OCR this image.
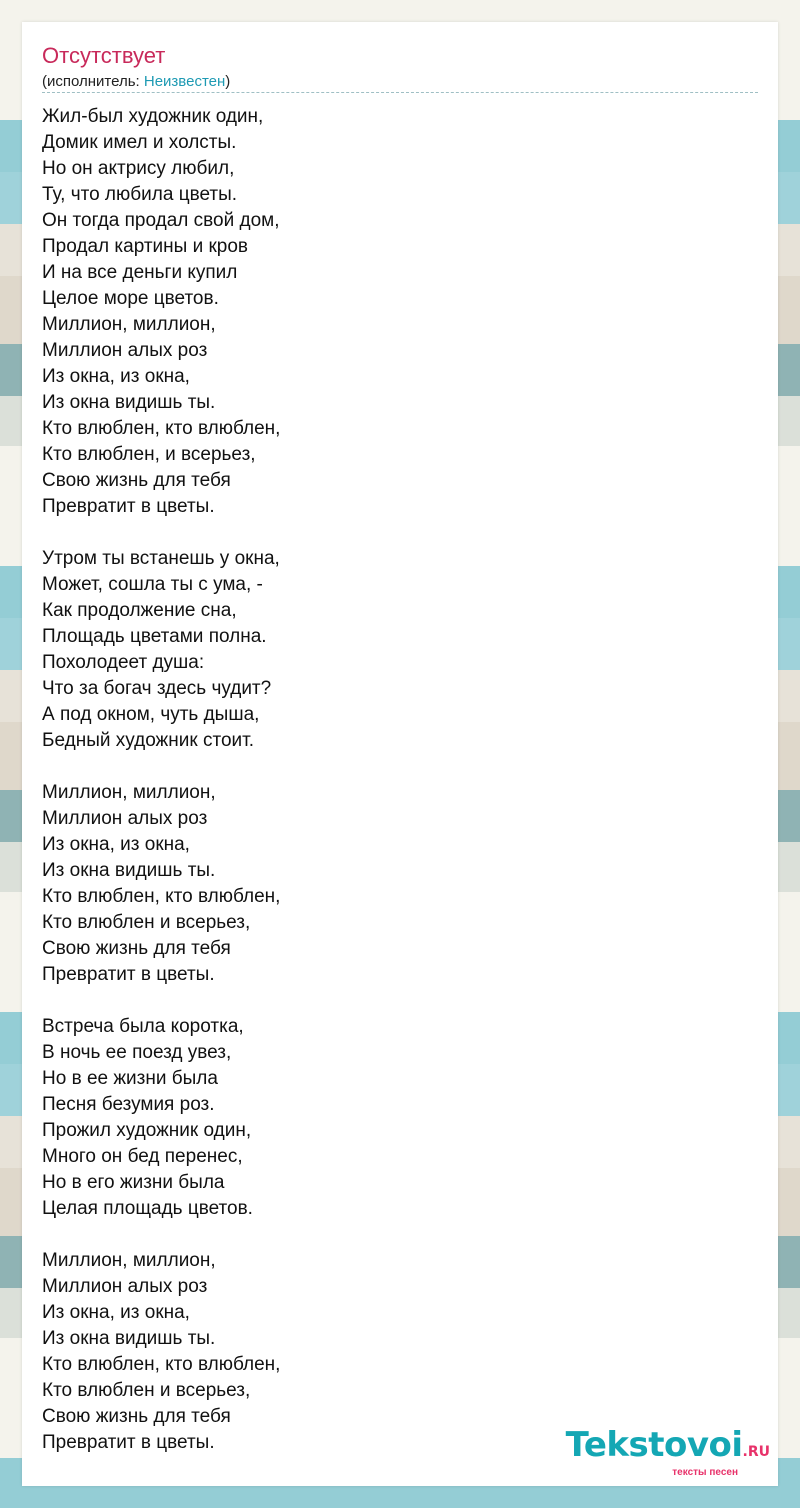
Отсутствует
(исполнитель: Неизвестен)
Жил-был художник один,
Домик имел и холсты.
Но он актрису любил,
Ту, что любила цветы.
Он тогда продал свой дом,
Продал картины и кров
И на все деньги купил
Целое море цветов.
Миллион, миллион,
Миллион алых роз
Из окна, из окна,
Из окна видишь ты.
Кто влюблен, кто влюблен,
Кто влюблен, и всерьез,
Свою жизнь для тебя
Превратит в цветы.
Утром ты встанешь у окна,
Может, сошла ты с ума, -
Как продолжение сна,
Площадь цветами полна.
Похолодеет душа:
Что за богач здесь чудит?
А под окном, чуть дыша,
Бедный художник стоит.
Миллион, миллион,
Миллион алых роз
Из окна, из окна,
Из окна видишь ты.
Кто влюблен, кто влюблен,
Кто влюблен и всерьез,
Свою жизнь для тебя
Превратит в цветы.
Встреча была коротка,
В ночь ее поезд увез,
Но в ее жизни была
Песня безумия роз.
Прожил художник один,
Много он бед перенес,
Но в его жизни была
Целая площадь цветов.
Миллион, миллион,
Миллион алых роз
Из окна, из окна,
Из окна видишь ты.
Кто влюблен, кто влюблен,
Кто влюблен и всерьез,
Свою жизнь для тебя
Превратит в цветы.	Tekstovoi.RU
тексты песен
